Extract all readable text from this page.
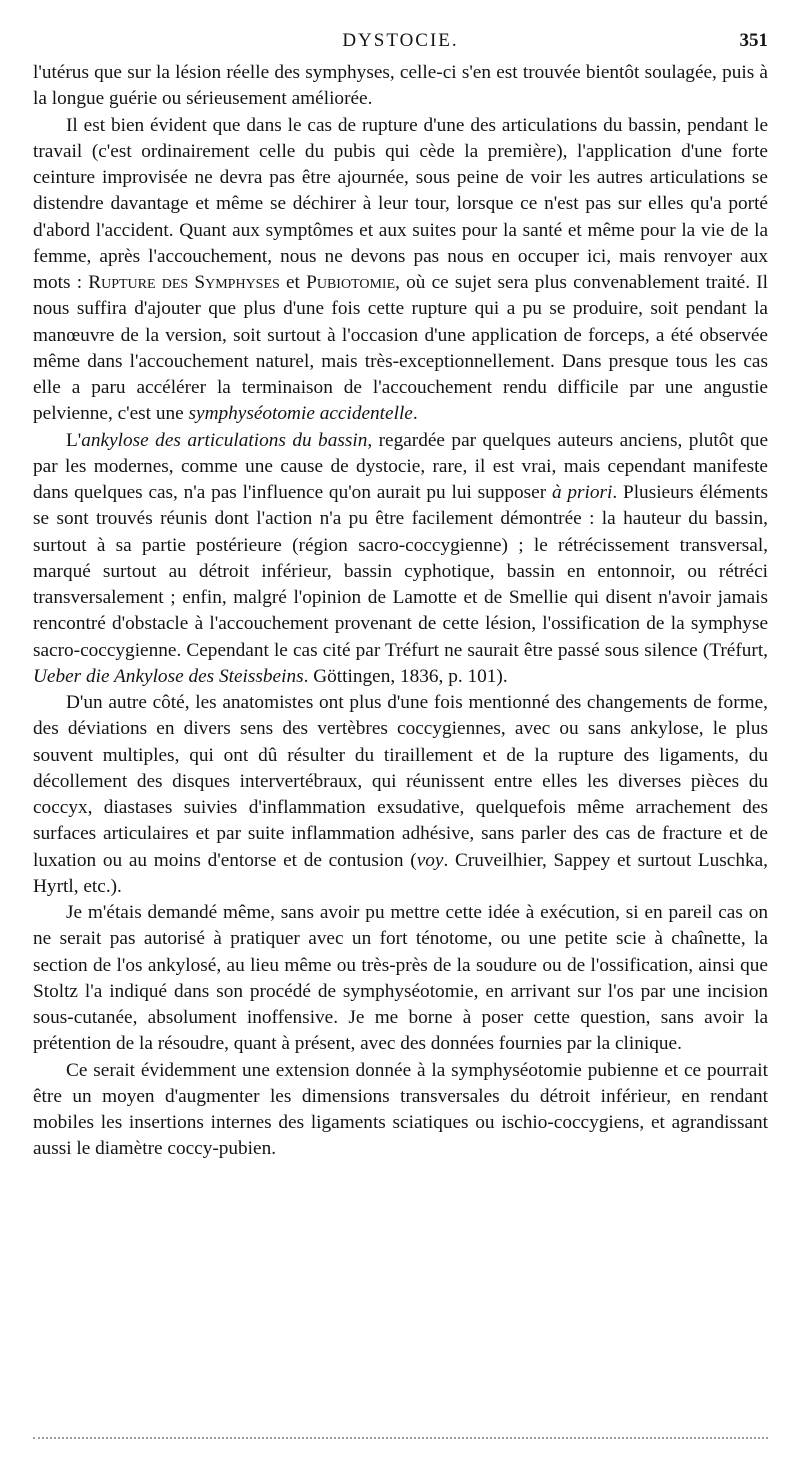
DYSTOCIE.	351

l'utérus que sur la lésion réelle des symphyses, celle-ci s'en est trouvée bientôt soulagée, puis à la longue guérie ou sérieusement améliorée.

Il est bien évident que dans le cas de rupture d'une des articulations du bassin, pendant le travail (c'est ordinairement celle du pubis qui cède la première), l'application d'une forte ceinture improvisée ne devra pas être ajournée, sous peine de voir les autres articulations se distendre davantage et même se déchirer à leur tour, lorsque ce n'est pas sur elles qu'a porté d'abord l'accident. Quant aux symptômes et aux suites pour la santé et même pour la vie de la femme, après l'accouchement, nous ne devons pas nous en occuper ici, mais renvoyer aux mots : Rupture des Symphyses et Pubiotomie, où ce sujet sera plus convenablement traité. Il nous suffira d'ajouter que plus d'une fois cette rupture qui a pu se produire, soit pendant la manœuvre de la version, soit surtout à l'occasion d'une application de forceps, a été observée même dans l'accouchement naturel, mais très-exceptionnellement. Dans presque tous les cas elle a paru accélérer la terminaison de l'accouchement rendu difficile par une angustie pelvienne, c'est une symphyséotomie accidentelle.

L'ankylose des articulations du bassin, regardée par quelques auteurs anciens, plutôt que par les modernes, comme une cause de dystocie, rare, il est vrai, mais cependant manifeste dans quelques cas, n'a pas l'influence qu'on aurait pu lui supposer à priori. Plusieurs éléments se sont trouvés réunis dont l'action n'a pu être facilement démontrée : la hauteur du bassin, surtout à sa partie postérieure (région sacro-coccygienne) ; le rétrécissement transversal, marqué surtout au détroit inférieur, bassin cyphotique, bassin en entonnoir, ou rétréci transversalement ; enfin, malgré l'opinion de Lamotte et de Smellie qui disent n'avoir jamais rencontré d'obstacle à l'accouchement provenant de cette lésion, l'ossification de la symphyse sacro-coccygienne. Cependant le cas cité par Tréfurt ne saurait être passé sous silence (Tréfurt, Ueber die Ankylose des Steissbeins. Göttingen, 1836, p. 101).

D'un autre côté, les anatomistes ont plus d'une fois mentionné des changements de forme, des déviations en divers sens des vertèbres coccygiennes, avec ou sans ankylose, le plus souvent multiples, qui ont dû résulter du tiraillement et de la rupture des ligaments, du décollement des disques intervertébraux, qui réunissent entre elles les diverses pièces du coccyx, diastases suivies d'inflammation exsudative, quelquefois même arrachement des surfaces articulaires et par suite inflammation adhésive, sans parler des cas de fracture et de luxation ou au moins d'entorse et de contusion (voy. Cruveilhier, Sappey et surtout Luschka, Hyrtl, etc.).

Je m'étais demandé même, sans avoir pu mettre cette idée à exécution, si en pareil cas on ne serait pas autorisé à pratiquer avec un fort ténotome, ou une petite scie à chaînette, la section de l'os ankylosé, au lieu même ou très-près de la soudure ou de l'ossification, ainsi que Stoltz l'a indiqué dans son procédé de symphyséotomie, en arrivant sur l'os par une incision sous-cutanée, absolument inoffensive. Je me borne à poser cette question, sans avoir la prétention de la résoudre, quant à présent, avec des données fournies par la clinique.

Ce serait évidemment une extension donnée à la symphyséotomie pubienne et ce pourrait être un moyen d'augmenter les dimensions transversales du détroit inférieur, en rendant mobiles les insertions internes des ligaments sciatiques ou ischio-coccygiens, et agrandissant aussi le diamètre coccy-pubien.
